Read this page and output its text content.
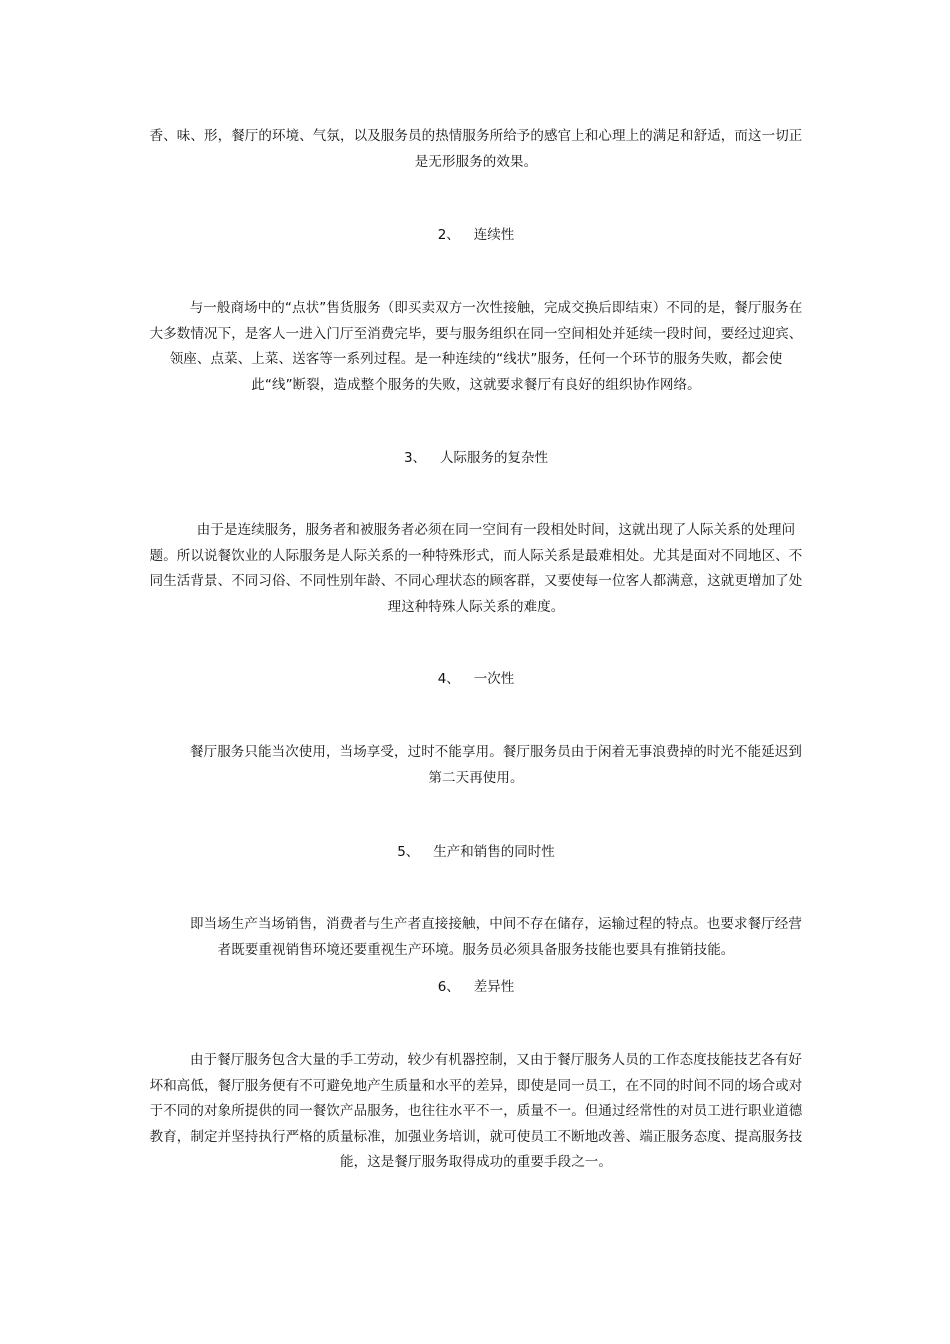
香、味、形，餐厅的环境、气氛，以及服务员的热情服务所给予的感官上和心理上的满足和舒适，而这一切正是无形服务的效果。

2、 连续性

与一般商场中的“点状”售货服务（即买卖双方一次性接触，完成交换后即结束）不同的是，餐厅服务在大多数情况下，是客人一进入门厅至消费完毕，要与服务组织在同一空间相处并延续一段时间，要经过迎宾、领座、点菜、上菜、送客等一系列过程。是一种连续的“线状”服务，任何一个环节的服务失败，都会使此“线”断裂，造成整个服务的失败，这就要求餐厅有良好的组织协作网络。

3、 人际服务的复杂性

由于是连续服务，服务者和被服务者必须在同一空间有一段相处时间，这就出现了人际关系的处理问题。所以说餐饮业的人际服务是人际关系的一种特殊形式，而人际关系是最难相处。尤其是面对不同地区、不同生活背景、不同习俗、不同性别年龄、不同心理状态的顾客群，又要使每一位客人都满意，这就更增加了处理这种特殊人际关系的难度。

4、 一次性

餐厅服务只能当次使用，当场享受，过时不能享用。餐厅服务员由于闲着无事浪费掉的时光不能延迟到第二天再使用。

5、 生产和销售的同时性

即当场生产当场销售，消费者与生产者直接接触，中间不存在储存，运输过程的特点。也要求餐厅经营者既要重视销售环境还要重视生产环境。服务员必须具备服务技能也要具有推销技能。

6、 差异性

由于餐厅服务包含大量的手工劳动，较少有机器控制，又由于餐厅服务人员的工作态度技能技艺各有好坏和高低，餐厅服务便有不可避免地产生质量和水平的差异，即使是同一员工，在不同的时间不同的场合或对于不同的对象所提供的同一餐饮产品服务，也往往水平不一，质量不一。但通过经常性的对员工进行职业道德教育，制定并坚持执行严格的质量标准，加强业务培训，就可使员工不断地改善、端正服务态度、提高服务技能，这是餐厅服务取得成功的重要手段之一。
